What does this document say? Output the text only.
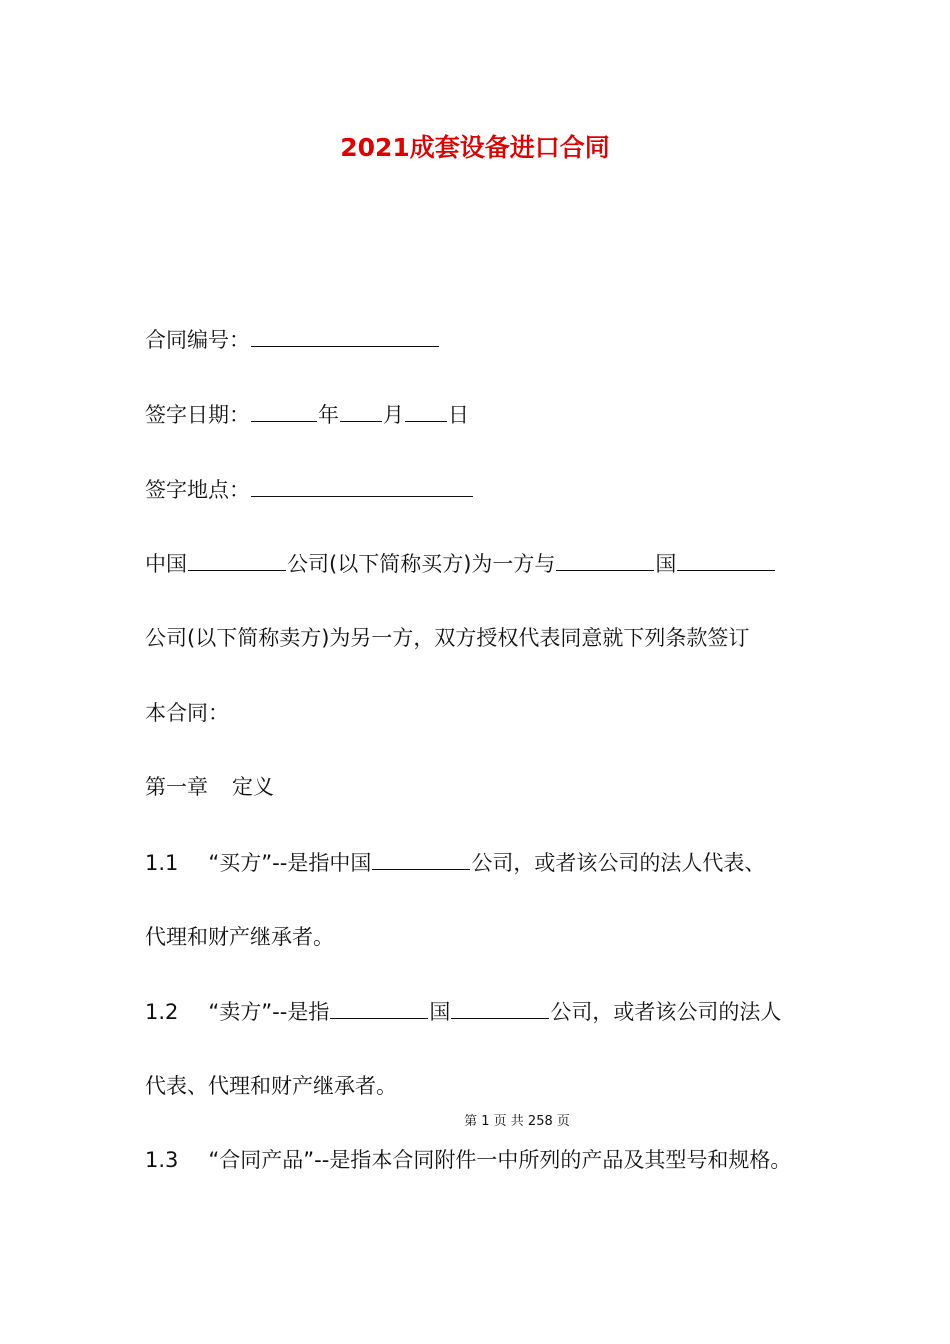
2021成套设备进口合同
合同编号：
签字日期：	年 月 日
签字地点：
中国	公司(以下简称买方)为一方与	国
公司(以下简称卖方)为另一方，双方授权代表同意就下列条款签订
本合同：
第一章 定义
1.1 “买方”--是指中国	公司，或者该公司的法人代表、
代理和财产继承者。
1.2 “卖方”--是指	国	公司，或者该公司的法人
代表、代理和财产继承者。
第 1 页 共 258 页
1.3 “合同产品”--是指本合同附件一中所列的产品及其型号和规格。
